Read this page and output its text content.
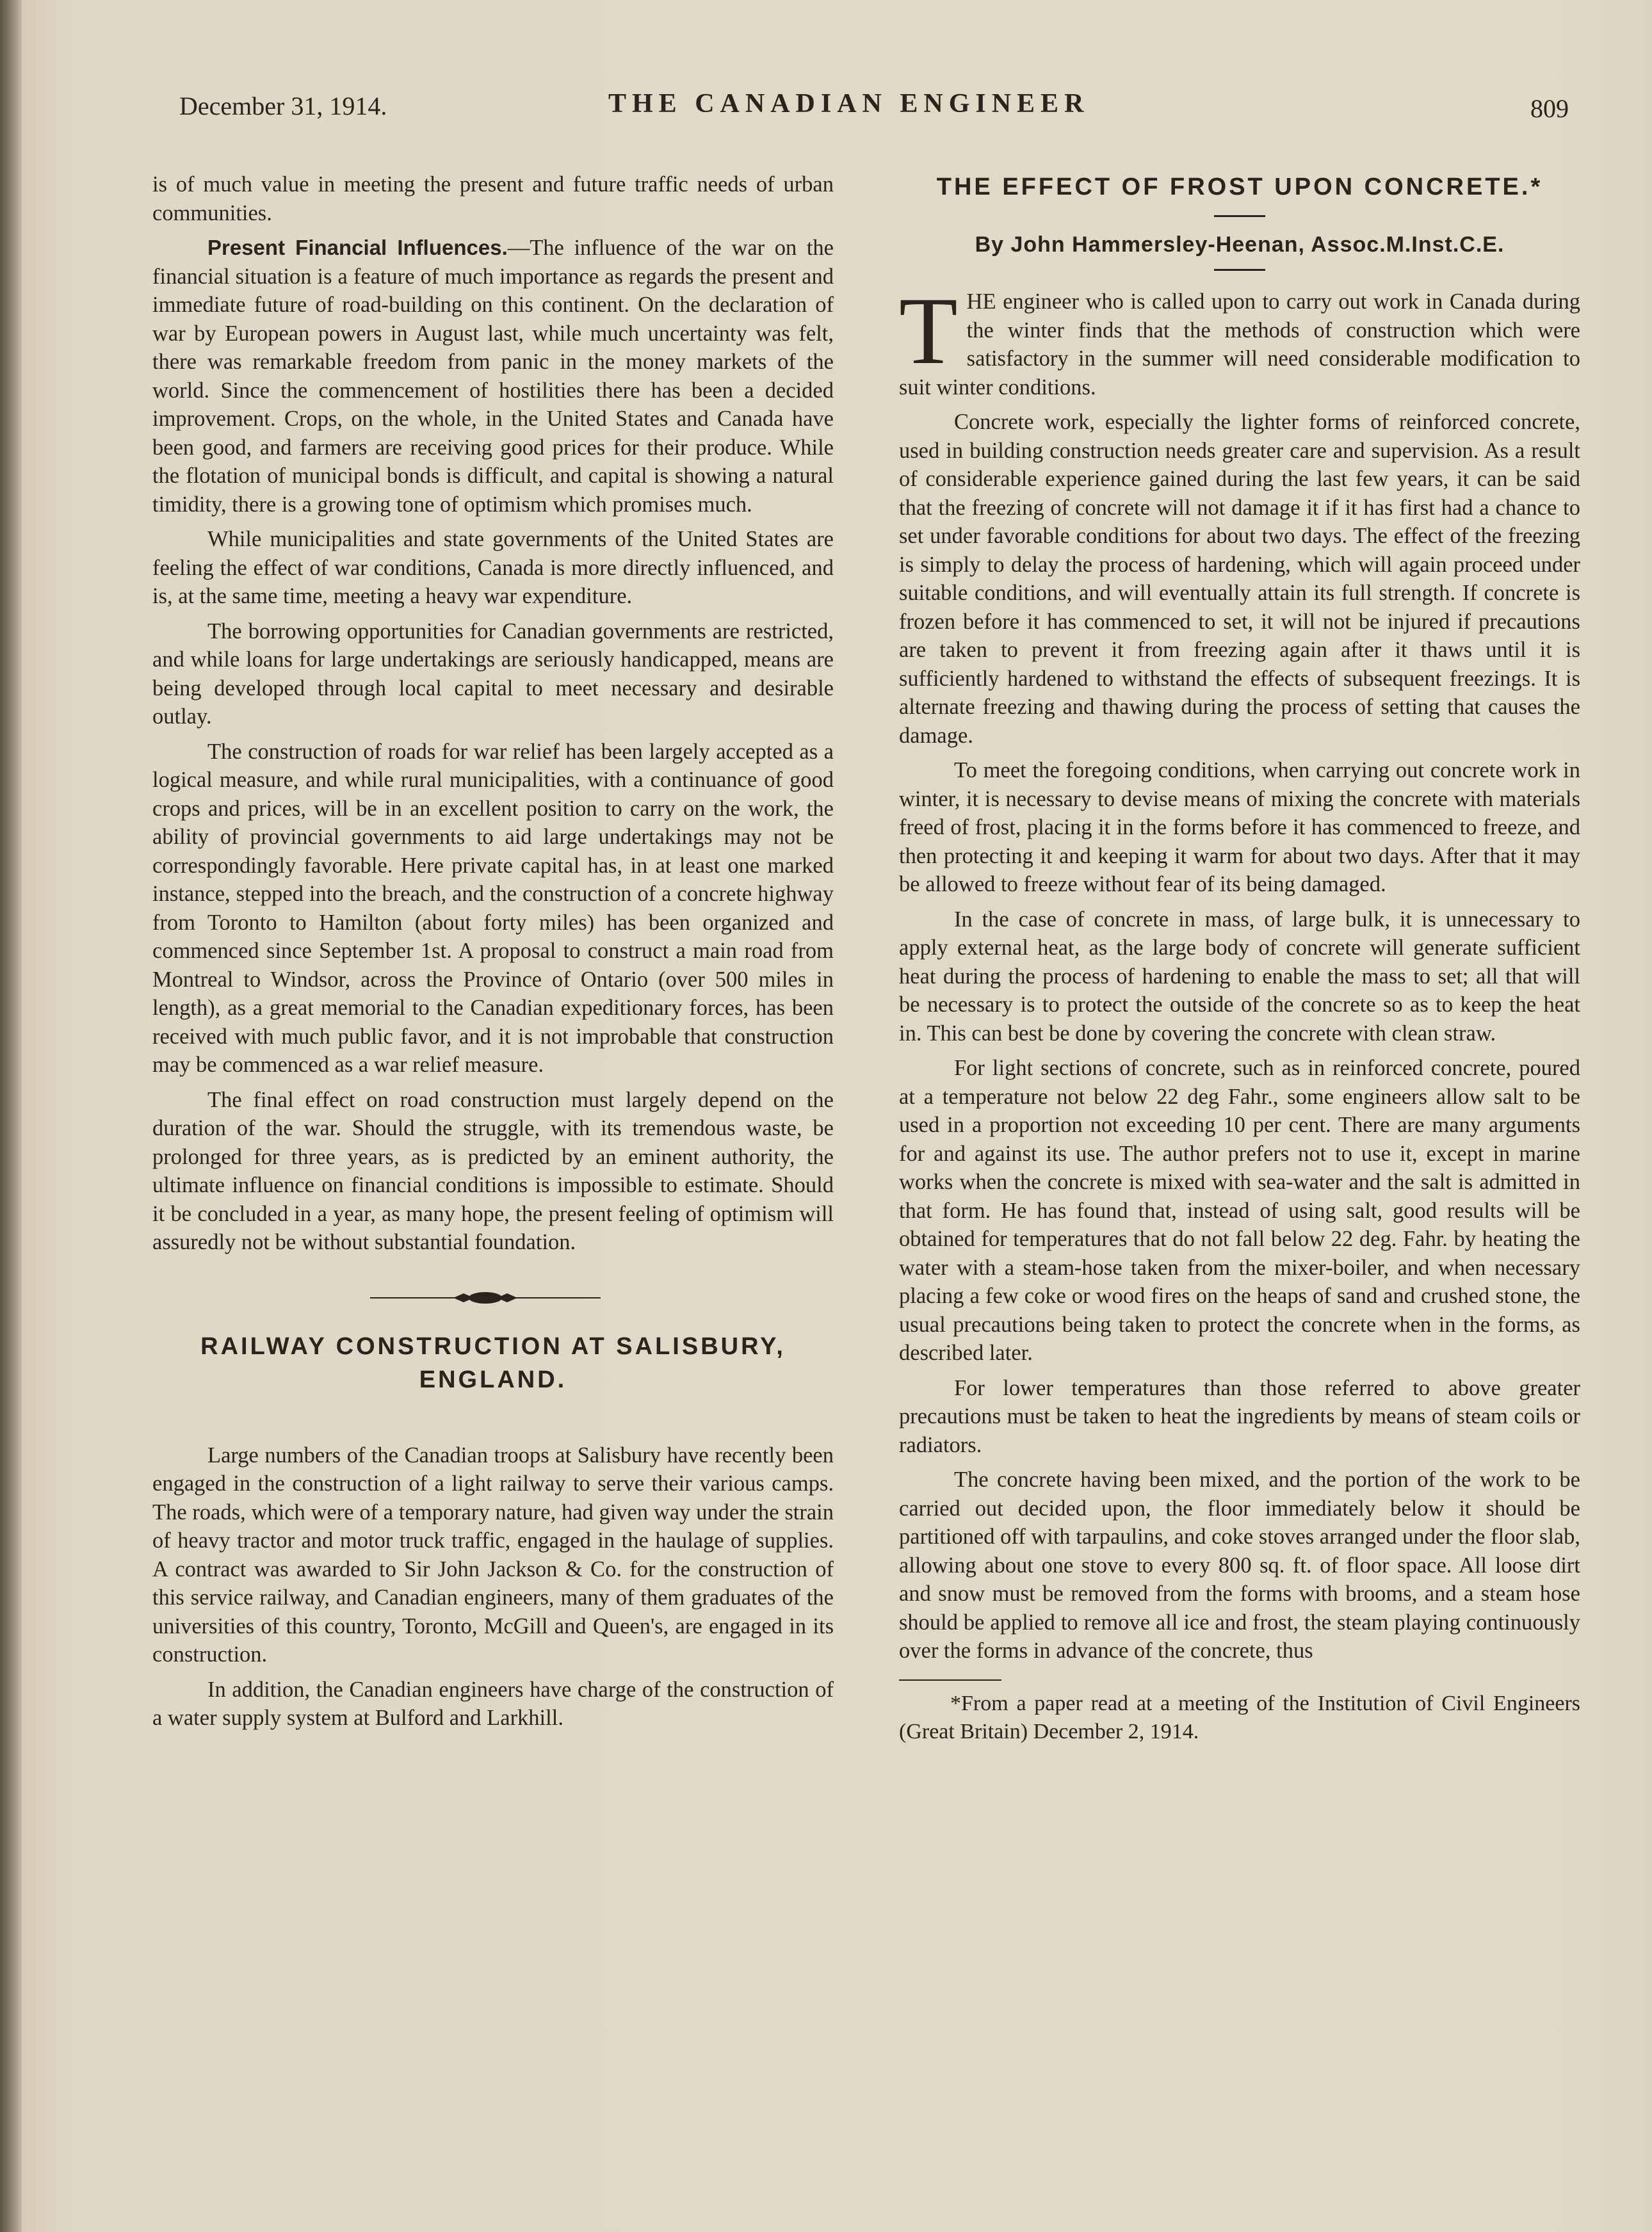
December 31, 1914.	THE CANADIAN ENGINEER	809

is of much value in meeting the present and future traffic needs of urban communities.

Present Financial Influences.—The influence of the war on the financial situation is a feature of much importance as regards the present and immediate future of road-building on this continent. On the declaration of war by European powers in August last, while much uncertainty was felt, there was remarkable freedom from panic in the money markets of the world. Since the commencement of hostilities there has been a decided improvement. Crops, on the whole, in the United States and Canada have been good, and farmers are receiving good prices for their produce. While the flotation of municipal bonds is difficult, and capital is showing a natural timidity, there is a growing tone of optimism which promises much.

While municipalities and state governments of the United States are feeling the effect of war conditions, Canada is more directly influenced, and is, at the same time, meeting a heavy war expenditure.

The borrowing opportunities for Canadian governments are restricted, and while loans for large undertakings are seriously handicapped, means are being developed through local capital to meet necessary and desirable outlay.

The construction of roads for war relief has been largely accepted as a logical measure, and while rural municipalities, with a continuance of good crops and prices, will be in an excellent position to carry on the work, the ability of provincial governments to aid large undertakings may not be correspondingly favorable. Here private capital has, in at least one marked instance, stepped into the breach, and the construction of a concrete highway from Toronto to Hamilton (about forty miles) has been organized and commenced since September 1st. A proposal to construct a main road from Montreal to Windsor, across the Province of Ontario (over 500 miles in length), as a great memorial to the Canadian expeditionary forces, has been received with much public favor, and it is not improbable that construction may be commenced as a war relief measure.

The final effect on road construction must largely depend on the duration of the war. Should the struggle, with its tremendous waste, be prolonged for three years, as is predicted by an eminent authority, the ultimate influence on financial conditions is impossible to estimate. Should it be concluded in a year, as many hope, the present feeling of optimism will assuredly not be without substantial foundation.

RAILWAY CONSTRUCTION AT SALISBURY,
ENGLAND.

Large numbers of the Canadian troops at Salisbury have recently been engaged in the construction of a light railway to serve their various camps. The roads, which were of a temporary nature, had given way under the strain of heavy tractor and motor truck traffic, engaged in the haulage of supplies. A contract was awarded to Sir John Jackson & Co. for the construction of this service railway, and Canadian engineers, many of them graduates of the universities of this country, Toronto, McGill and Queen's, are engaged in its construction.

In addition, the Canadian engineers have charge of the construction of a water supply system at Bulford and Larkhill.

THE EFFECT OF FROST UPON CONCRETE.*
By John Hammersley-Heenan, Assoc.M.Inst.C.E.
T HE engineer who is called upon to carry out work in Canada during the winter finds that the methods of construction which were satisfactory in the summer will need considerable modification to suit winter conditions.

Concrete work, especially the lighter forms of reinforced concrete, used in building construction needs greater care and supervision. As a result of considerable experience gained during the last few years, it can be said that the freezing of concrete will not damage it if it has first had a chance to set under favorable conditions for about two days. The effect of the freezing is simply to delay the process of hardening, which will again proceed under suitable conditions, and will eventually attain its full strength. If concrete is frozen before it has commenced to set, it will not be injured if precautions are taken to prevent it from freezing again after it thaws until it is sufficiently hardened to withstand the effects of subsequent freezings. It is alternate freezing and thawing during the process of setting that causes the damage.

To meet the foregoing conditions, when carrying out concrete work in winter, it is necessary to devise means of mixing the concrete with materials freed of frost, placing it in the forms before it has commenced to freeze, and then protecting it and keeping it warm for about two days. After that it may be allowed to freeze without fear of its being damaged.

In the case of concrete in mass, of large bulk, it is unnecessary to apply external heat, as the large body of concrete will generate sufficient heat during the process of hardening to enable the mass to set; all that will be necessary is to protect the outside of the concrete so as to keep the heat in. This can best be done by covering the concrete with clean straw.

For light sections of concrete, such as in reinforced concrete, poured at a temperature not below 22 deg Fahr., some engineers allow salt to be used in a proportion not exceeding 10 per cent. There are many arguments for and against its use. The author prefers not to use it, except in marine works when the concrete is mixed with sea-water and the salt is admitted in that form. He has found that, instead of using salt, good results will be obtained for temperatures that do not fall below 22 deg. Fahr. by heating the water with a steam-hose taken from the mixer-boiler, and when necessary placing a few coke or wood fires on the heaps of sand and crushed stone, the usual precautions being taken to protect the concrete when in the forms, as described later.

For lower temperatures than those referred to above greater precautions must be taken to heat the ingredients by means of steam coils or radiators.

The concrete having been mixed, and the portion of the work to be carried out decided upon, the floor immediately below it should be partitioned off with tarpaulins, and coke stoves arranged under the floor slab, allowing about one stove to every 800 sq. ft. of floor space. All loose dirt and snow must be removed from the forms with brooms, and a steam hose should be applied to remove all ice and frost, the steam playing continuously over the forms in advance of the concrete, thus

*From a paper read at a meeting of the Institution of Civil Engineers (Great Britain) December 2, 1914.
